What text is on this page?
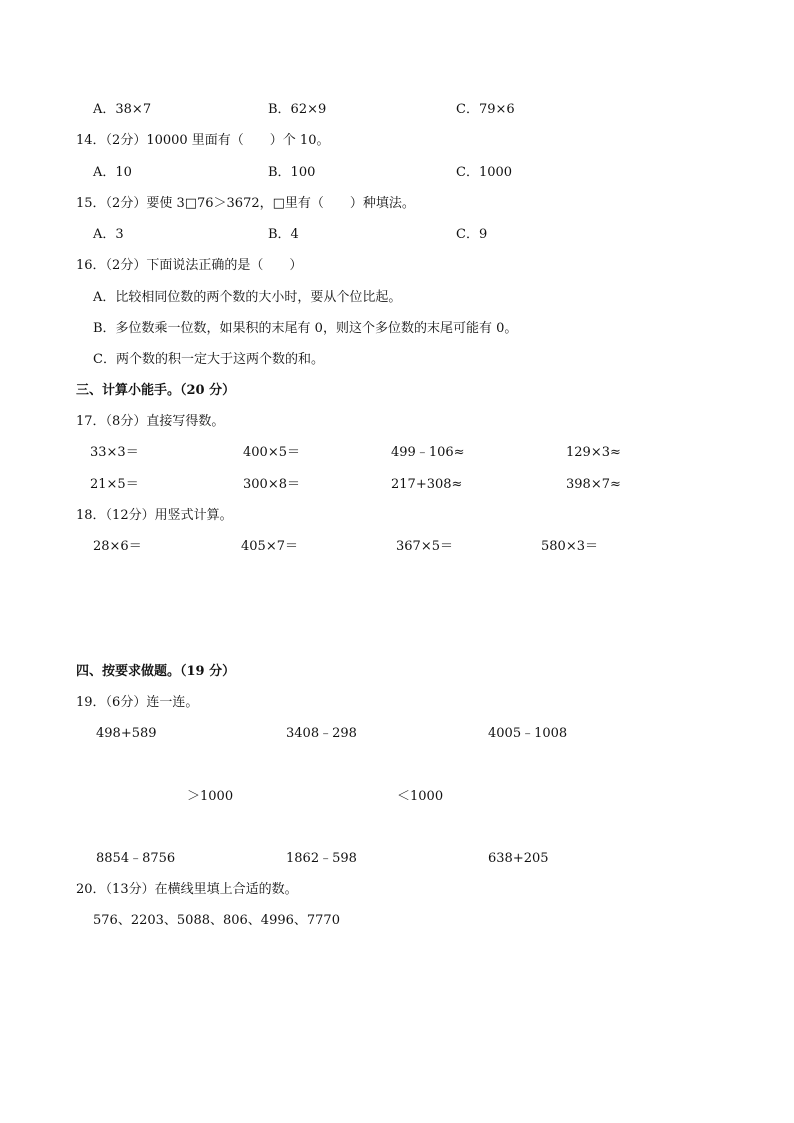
A．38×7	B．62×9	C．79×6
14．（2分）10000 里面有（　　）个 10。
A．10	B．100	C．1000
15．（2分）要使 3□76＞3672，□里有（　　）种填法。
A．3	B．4	C．9
16．（2分）下面说法正确的是（　　）
A．比较相同位数的两个数的大小时，要从个位比起。
B．多位数乘一位数，如果积的末尾有 0，则这个多位数的末尾可能有 0。
C．两个数的积一定大于这两个数的和。
三、计算小能手。（20 分）
17．（8分）直接写得数。
33×3＝	400×5＝	499﹣106≈	129×3≈
21×5＝	300×8＝	217+308≈	398×7≈
18．（12分）用竖式计算。
28×6＝	405×7＝	367×5＝	580×3＝
四、按要求做题。（19 分）
19．（6分）连一连。
498+589	3408﹣298	4005﹣1008
＞1000	＜1000
8854﹣8756	1862﹣598	638+205
20．（13分）在横线里填上合适的数。
576、2203、5088、806、4996、7770
